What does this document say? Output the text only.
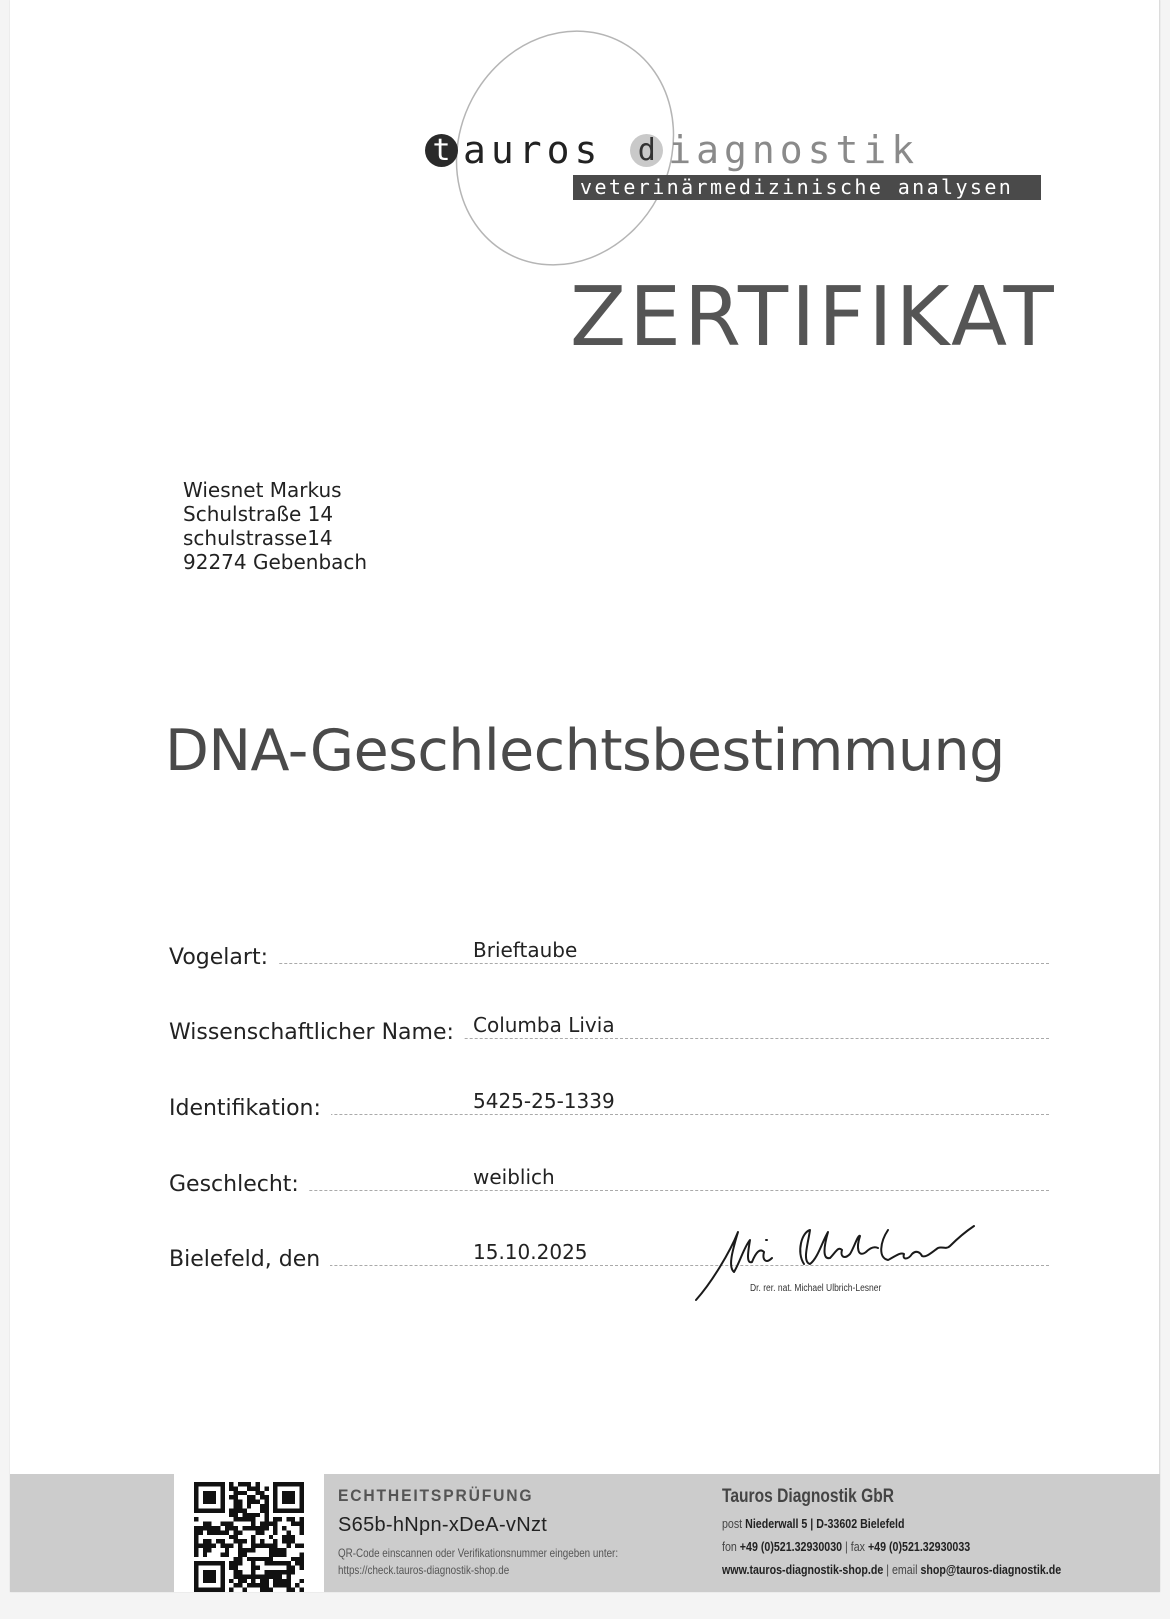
t auros d iagnostik
veterinärmedizinische analysen
ZERTIFIKAT
Wiesnet Markus
Schulstraße 14
schulstrasse14
92274 Gebenbach
DNA-Geschlechtsbestimmung
Vogelart:	Brieftaube
Wissenschaftlicher Name: Columba Livia
Identifikation:	5425-25-1339
Geschlecht:	weiblich
Bielefeld, den	15.10.2025
Dr. rer. nat. Michael Ulbrich-Lesner
ECHTHEITSPRÜFUNG
S65b-hNpn-xDeA-vNzt
QR-Code einscannen oder Verifikationsnummer eingeben unter:
https://check.tauros-diagnostik-shop.de
Tauros Diagnostik GbR
post Niederwall 5 | D-33602 Bielefeld
fon +49 (0)521.32930030 | fax +49 (0)521.32930033
www.tauros-diagnostik-shop.de | email shop@tauros-diagnostik.de
